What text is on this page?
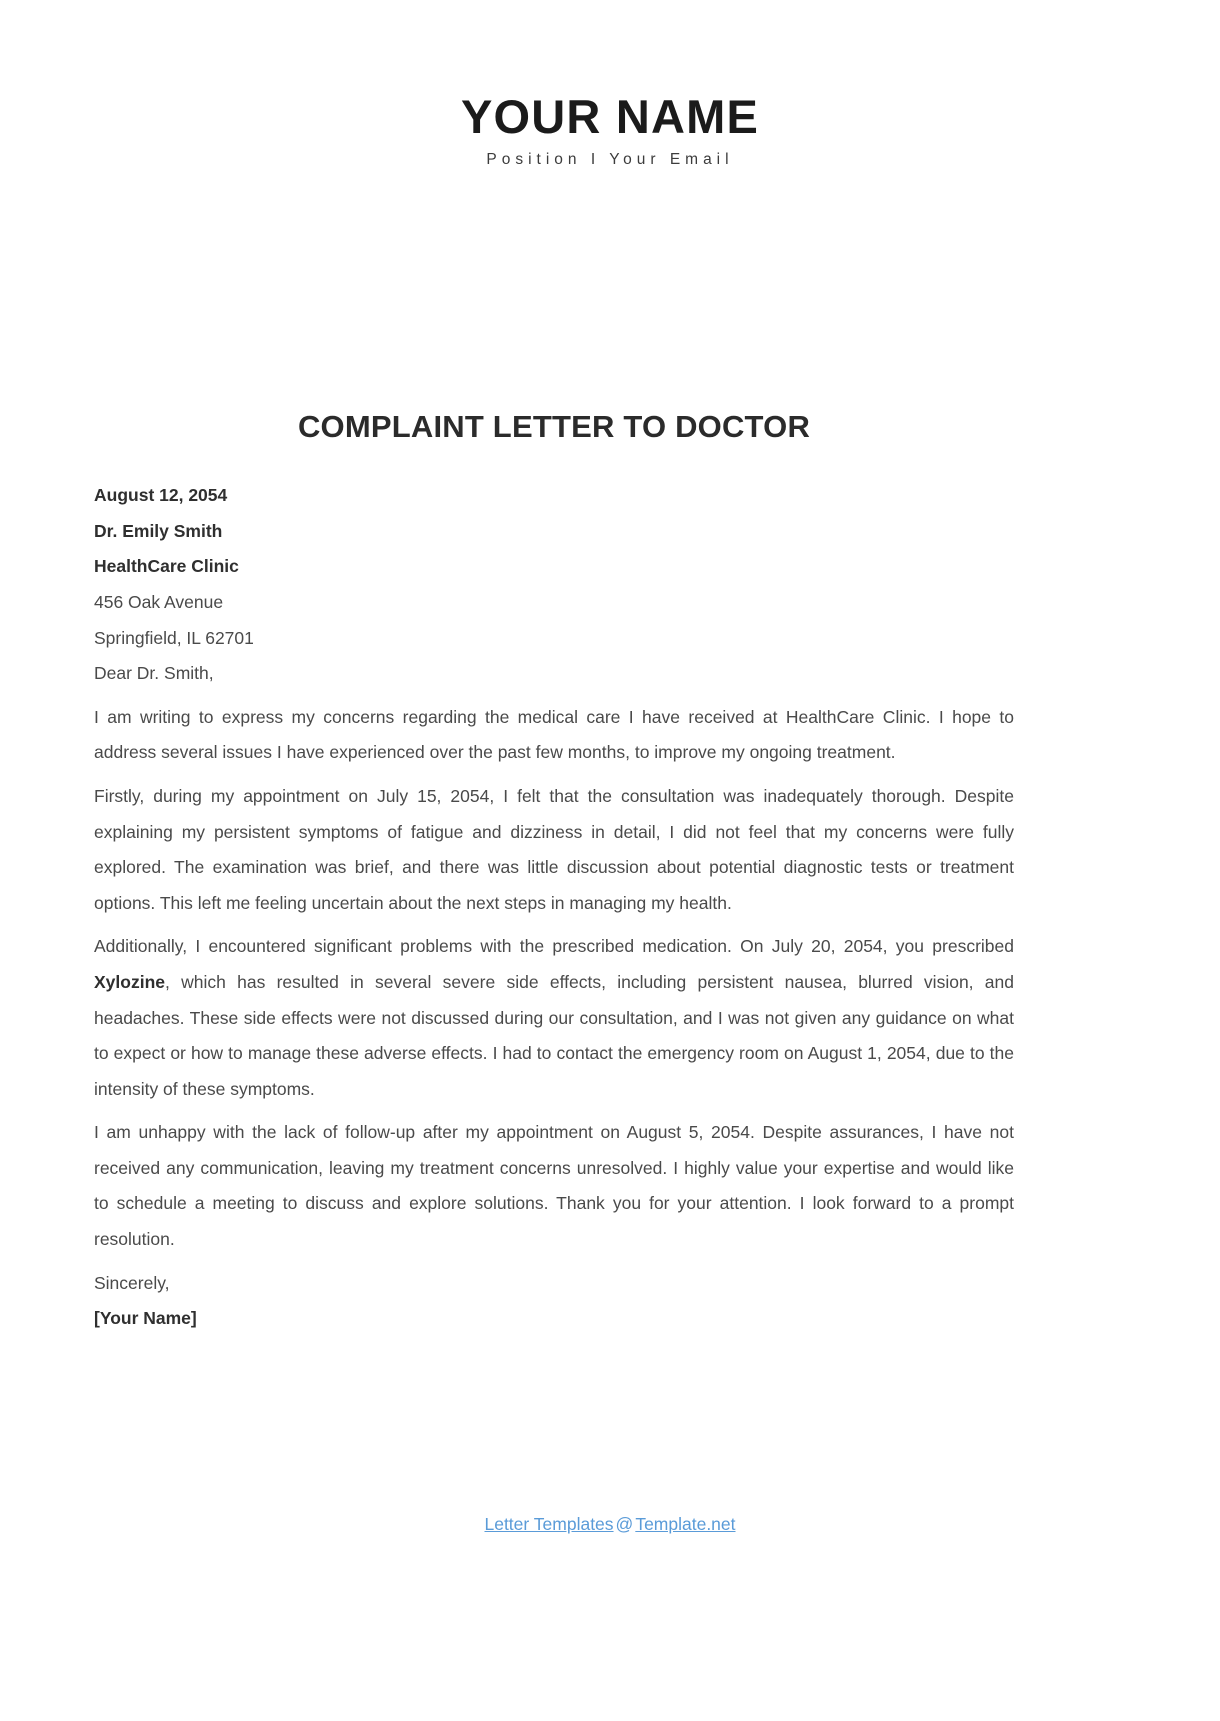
YOUR NAME
Position I Your Email
COMPLAINT LETTER TO DOCTOR
August 12, 2054
Dr. Emily Smith
HealthCare Clinic
456 Oak Avenue
Springfield, IL 62701
Dear Dr. Smith,

I am writing to express my concerns regarding the medical care I have received at HealthCare Clinic. I hope to address several issues I have experienced over the past few months, to improve my ongoing treatment.

Firstly, during my appointment on July 15, 2054, I felt that the consultation was inadequately thorough. Despite explaining my persistent symptoms of fatigue and dizziness in detail, I did not feel that my concerns were fully explored. The examination was brief, and there was little discussion about potential diagnostic tests or treatment options. This left me feeling uncertain about the next steps in managing my health.

Additionally, I encountered significant problems with the prescribed medication. On July 20, 2054, you prescribed Xylozine, which has resulted in several severe side effects, including persistent nausea, blurred vision, and headaches. These side effects were not discussed during our consultation, and I was not given any guidance on what to expect or how to manage these adverse effects. I had to contact the emergency room on August 1, 2054, due to the intensity of these symptoms.

I am unhappy with the lack of follow-up after my appointment on August 5, 2054. Despite assurances, I have not received any communication, leaving my treatment concerns unresolved. I highly value your expertise and would like to schedule a meeting to discuss and explore solutions. Thank you for your attention. I look forward to a prompt resolution.

Sincerely,
[Your Name]
Letter Templates @ Template.net
